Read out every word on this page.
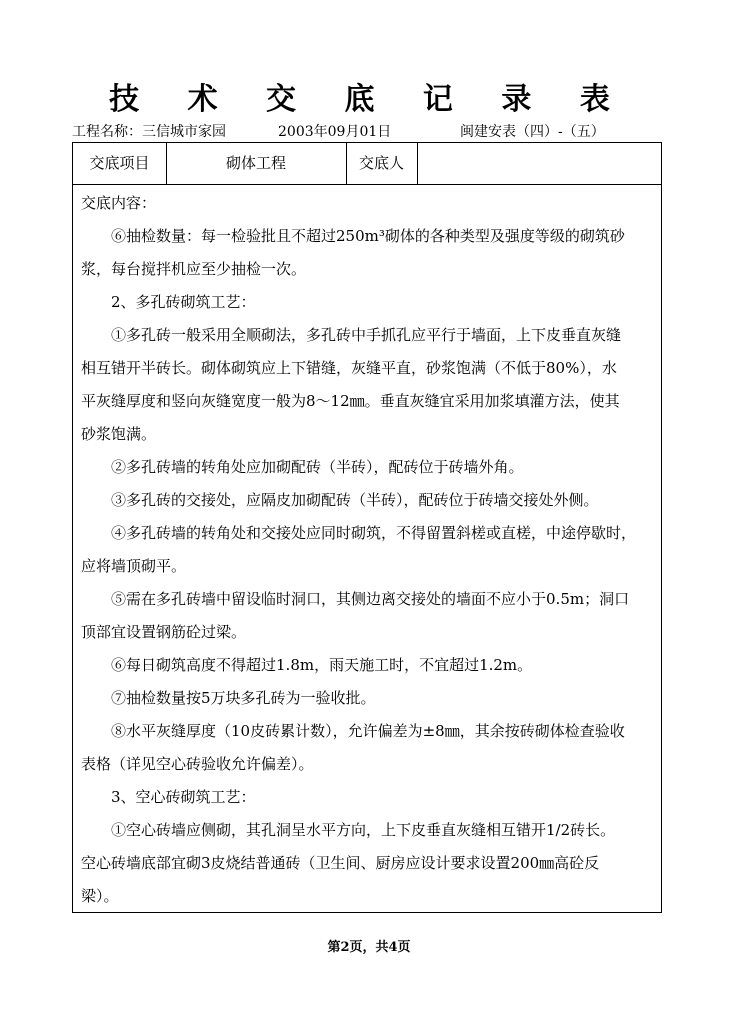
技 术 交 底 记 录 表
工程名称：三信城市家园	2003年09月01日	闽建安表（四）-（五）
交底项目	砌体工程	交底人

交底内容：

⑥抽检数量：每一检验批且不超过250m³砌体的各种类型及强度等级的砌筑砂

浆，每台搅拌机应至少抽检一次。

2、多孔砖砌筑工艺：

①多孔砖一般采用全顺砌法，多孔砖中手抓孔应平行于墙面，上下皮垂直灰缝

相互错开半砖长。砌体砌筑应上下错缝，灰缝平直，砂浆饱满（不低于80%），水

平灰缝厚度和竖向灰缝宽度一般为8～12㎜。垂直灰缝宜采用加浆填灌方法，使其

砂浆饱满。

②多孔砖墙的转角处应加砌配砖（半砖），配砖位于砖墙外角。

③多孔砖的交接处，应隔皮加砌配砖（半砖），配砖位于砖墙交接处外侧。

④多孔砖墙的转角处和交接处应同时砌筑，不得留置斜槎或直槎，中途停歇时，

应将墙顶砌平。

⑤需在多孔砖墙中留设临时洞口，其侧边离交接处的墙面不应小于0.5m；洞口

顶部宜设置钢筋砼过梁。

⑥每日砌筑高度不得超过1.8m，雨天施工时，不宜超过1.2m。

⑦抽检数量按5万块多孔砖为一验收批。

⑧水平灰缝厚度（10皮砖累计数），允许偏差为±8㎜，其余按砖砌体检查验收

表格（详见空心砖验收允许偏差）。

3、空心砖砌筑工艺：

①空心砖墙应侧砌，其孔洞呈水平方向，上下皮垂直灰缝相互错开1/2砖长。

空心砖墙底部宜砌3皮烧结普通砖（卫生间、厨房应设计要求设置200㎜高砼反

梁）。

第2页，共4页
